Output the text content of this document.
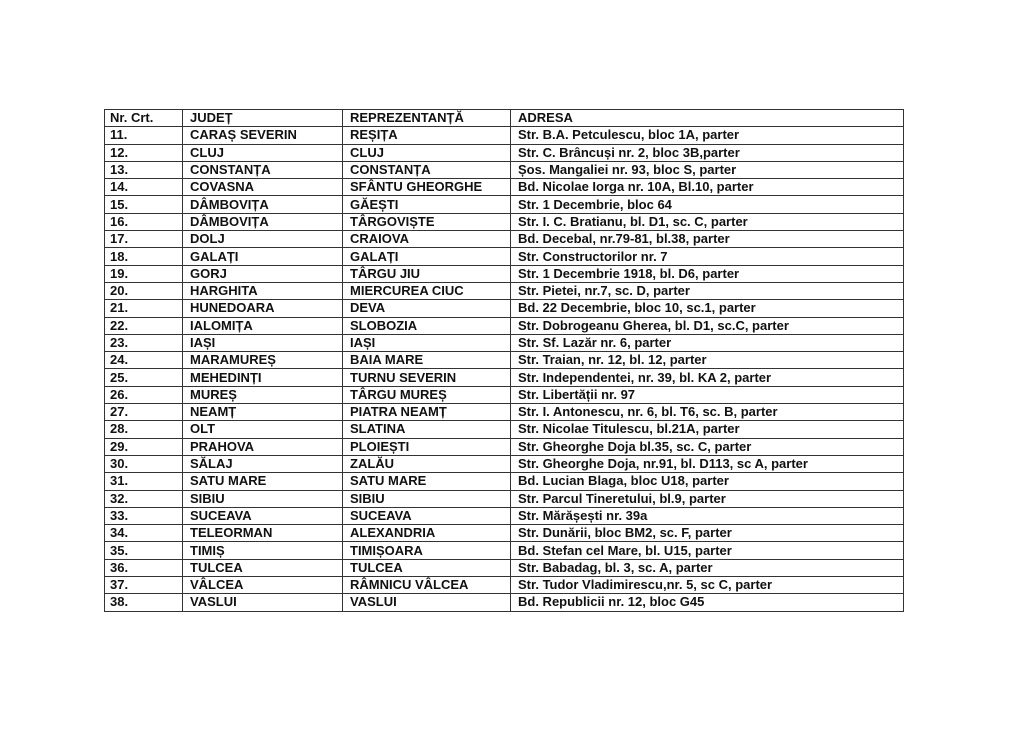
Nr. Crt.	JUDEȚ	REPREZENTANȚĂ	ADRESA
11.	CARAȘ SEVERIN	REȘIȚA	Str. B.A. Petculescu, bloc 1A, parter
12.	CLUJ	CLUJ	Str. C. Brâncuși nr. 2, bloc 3B,parter
13.	CONSTANȚA	CONSTANȚA	Șos. Mangaliei nr. 93, bloc S, parter
14.	COVASNA	SFÂNTU GHEORGHE	Bd. Nicolae Iorga nr. 10A, Bl.10, parter
15.	DÂMBOVIȚA	GĂEȘTI	Str. 1 Decembrie, bloc 64
16.	DÂMBOVIȚA	TÂRGOVIȘTE	Str. I. C. Bratianu, bl. D1, sc. C, parter
17.	DOLJ	CRAIOVA	Bd. Decebal, nr.79-81, bl.38, parter
18.	GALAȚI	GALAȚI	Str. Constructorilor nr. 7
19.	GORJ	TÂRGU JIU	Str. 1 Decembrie 1918, bl. D6, parter
20.	HARGHITA	MIERCUREA CIUC	Str. Pietei, nr.7, sc. D, parter
21.	HUNEDOARA	DEVA	Bd. 22 Decembrie, bloc 10, sc.1, parter
22.	IALOMIȚA	SLOBOZIA	Str. Dobrogeanu Gherea, bl. D1, sc.C, parter
23.	IAȘI	IAȘI	Str. Sf. Lazăr nr. 6, parter
24.	MARAMUREȘ	BAIA MARE	Str. Traian, nr. 12, bl. 12, parter
25.	MEHEDINȚI	TURNU SEVERIN	Str. Independentei, nr. 39, bl. KA 2, parter
26.	MUREȘ	TÂRGU MUREȘ	Str. Libertății nr. 97
27.	NEAMȚ	PIATRA NEAMȚ	Str. I. Antonescu, nr. 6, bl. T6, sc. B, parter
28.	OLT	SLATINA	Str. Nicolae Titulescu, bl.21A, parter
29.	PRAHOVA	PLOIEȘTI	Str. Gheorghe Doja bl.35, sc. C, parter
30.	SĂLAJ	ZALĂU	Str. Gheorghe Doja, nr.91, bl. D113, sc A, parter
31.	SATU MARE	SATU MARE	Bd. Lucian Blaga, bloc U18, parter
32.	SIBIU	SIBIU	Str. Parcul Tineretului, bl.9, parter
33.	SUCEAVA	SUCEAVA	Str. Mărășești nr. 39a
34.	TELEORMAN	ALEXANDRIA	Str. Dunării, bloc BM2, sc. F, parter
35.	TIMIȘ	TIMIȘOARA	Bd. Stefan cel Mare, bl. U15, parter
36.	TULCEA	TULCEA	Str. Babadag, bl. 3, sc. A, parter
37.	VÂLCEA	RÂMNICU VÂLCEA	Str. Tudor Vladimirescu,nr. 5, sc C, parter
38.	VASLUI	VASLUI	Bd. Republicii nr. 12, bloc G45
